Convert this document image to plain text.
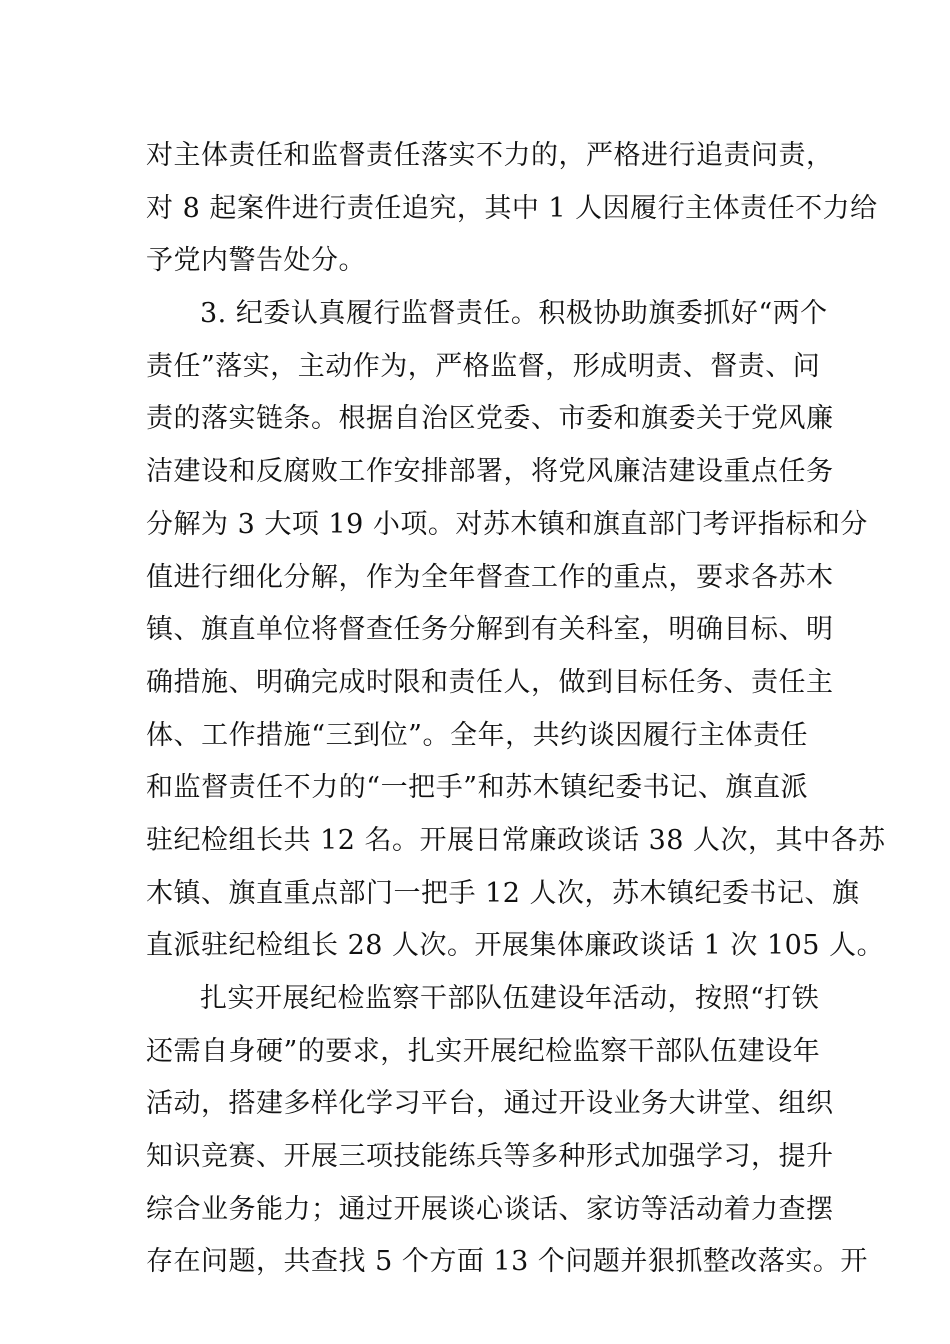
对主体责任和监督责任落实不力的，严格进行追责问责，
对 8 起案件进行责任追究，其中 1 人因履行主体责任不力给
予党内警告处分。
3. 纪委认真履行监督责任。积极协助旗委抓好“两个
责任”落实，主动作为，严格监督，形成明责、督责、问
责的落实链条。根据自治区党委、市委和旗委关于党风廉
洁建设和反腐败工作安排部署，将党风廉洁建设重点任务
分解为 3 大项 19 小项。对苏木镇和旗直部门考评指标和分
值进行细化分解，作为全年督查工作的重点，要求各苏木
镇、旗直单位将督查任务分解到有关科室，明确目标、明
确措施、明确完成时限和责任人，做到目标任务、责任主
体、工作措施“三到位”。全年，共约谈因履行主体责任
和监督责任不力的“一把手”和苏木镇纪委书记、旗直派
驻纪检组长共 12 名。开展日常廉政谈话 38 人次，其中各苏
木镇、旗直重点部门一把手 12 人次，苏木镇纪委书记、旗
直派驻纪检组长 28 人次。开展集体廉政谈话 1 次 105 人。
扎实开展纪检监察干部队伍建设年活动，按照“打铁
还需自身硬”的要求，扎实开展纪检监察干部队伍建设年
活动，搭建多样化学习平台，通过开设业务大讲堂、组织
知识竞赛、开展三项技能练兵等多种形式加强学习，提升
综合业务能力；通过开展谈心谈话、家访等活动着力查摆
存在问题，共查找 5 个方面 13 个问题并狠抓整改落实。开
